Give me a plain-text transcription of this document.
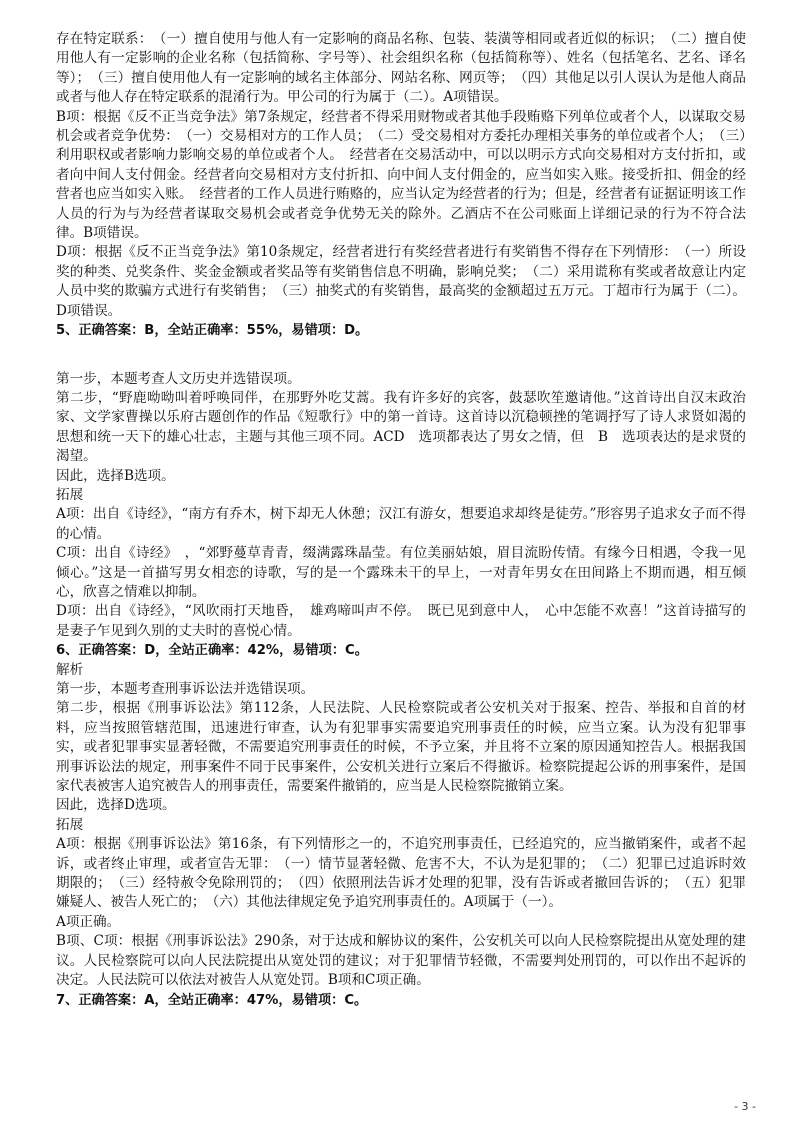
存在特定联系：　（一）擅自使用与他人有一定影响的商品名称、包装、装潢等相同或者近似的标识；　（二）擅自使用他人有一定影响的企业名称（包括简称、字号等）、社会组织名称（包括简称等）、姓名（包括笔名、艺名、译名等）；　（三）擅自使用他人有一定影响的域名主体部分、网站名称、网页等；　（四）其他足以引人误认为是他人商品或者与他人存在特定联系的混淆行为。甲公司的行为属于（二）。A项错误。

B项：根据《反不正当竞争法》第7条规定，经营者不得采用财物或者其他手段贿赂下列单位或者个人，以谋取交易机会或者竞争优势：　（一）交易相对方的工作人员；　（二）受交易相对方委托办理相关事务的单位或者个人；　（三）利用职权或者影响力影响交易的单位或者个人。　经营者在交易活动中，可以以明示方式向交易相对方支付折扣，或者向中间人支付佣金。经营者向交易相对方支付折扣、向中间人支付佣金的，应当如实入账。接受折扣、佣金的经营者也应当如实入账。　经营者的工作人员进行贿赂的，应当认定为经营者的行为；但是，经营者有证据证明该工作人员的行为与为经营者谋取交易机会或者竞争优势无关的除外。乙酒店不在公司账面上详细记录的行为不符合法律。B项错误。

D项：根据《反不正当竞争法》第10条规定，经营者进行有奖经营者进行有奖销售不得存在下列情形：　（一）所设奖的种类、兑奖条件、奖金金额或者奖品等有奖销售信息不明确，影响兑奖；　（二）采用谎称有奖或者故意让内定人员中奖的欺骗方式进行有奖销售；　（三）抽奖式的有奖销售，最高奖的金额超过五万元。丁超市行为属于（二）。D项错误。

5、正确答案：B，全站正确率：55%，易错项：D。

第一步，本题考查人文历史并选错误项。

第二步，“野鹿呦呦叫着呼唤同伴，在那野外吃艾蒿。我有许多好的宾客，鼓瑟吹笙邀请他。”这首诗出自汉末政治家、文学家曹操以乐府古题创作的作品《短歌行》中的第一首诗。这首诗以沉稳顿挫的笔调抒写了诗人求贤如渴的思想和统一天下的雄心壮志，主题与其他三项不同。ACD　选项都表达了男女之情，但　B　选项表达的是求贤的渴望。

因此，选择B选项。

拓展

A项：出自《诗经》，“南方有乔木，树下却无人休憩；汉江有游女，想要追求却终是徒劳。”形容男子追求女子而不得的心情。

C项：出自《诗经》　，“郊野蔓草青青，缀满露珠晶莹。有位美丽姑娘，眉目流盼传情。有缘今日相遇，令我一见倾心。”这是一首描写男女相恋的诗歌，写的是一个露珠未干的早上，一对青年男女在田间路上不期而遇，相互倾心，欣喜之情难以抑制。

D项：出自《诗经》，“风吹雨打天地昏，　雄鸡啼叫声不停。　既已见到意中人，　心中怎能不欢喜！”这首诗描写的是妻子乍见到久别的丈夫时的喜悦心情。

6、正确答案：D，全站正确率：42%，易错项：C。

解析

第一步，本题考查刑事诉讼法并选错误项。

第二步，根据《刑事诉讼法》第112条，人民法院、人民检察院或者公安机关对于报案、控告、举报和自首的材料，应当按照管辖范围，迅速进行审查，认为有犯罪事实需要追究刑事责任的时候，应当立案。认为没有犯罪事实，或者犯罪事实显著轻微，不需要追究刑事责任的时候，不予立案，并且将不立案的原因通知控告人。根据我国刑事诉讼法的规定，刑事案件不同于民事案件，公安机关进行立案后不得撤诉。检察院提起公诉的刑事案件，是国家代表被害人追究被告人的刑事责任，需要案件撤销的，应当是人民检察院撤销立案。

因此，选择D选项。

拓展

A项：根据《刑事诉讼法》第16条，有下列情形之一的，不追究刑事责任，已经追究的，应当撤销案件，或者不起诉，或者终止审理，或者宣告无罪：　（一）情节显著轻微、危害不大，不认为是犯罪的；　（二）犯罪已过追诉时效期限的；　（三）经特赦令免除刑罚的；　（四）依照刑法告诉才处理的犯罪，没有告诉或者撤回告诉的；　（五）犯罪嫌疑人、被告人死亡的；　（六）其他法律规定免予追究刑事责任的。A项属于（一）。

A项正确。

B项、C项：根据《刑事诉讼法》290条，对于达成和解协议的案件，公安机关可以向人民检察院提出从宽处理的建议。人民检察院可以向人民法院提出从宽处罚的建议；对于犯罪情节轻微，不需要判处刑罚的，可以作出不起诉的决定。人民法院可以依法对被告人从宽处罚。B项和C项正确。

7、正确答案：A，全站正确率：47%，易错项：C。

- 3 -
